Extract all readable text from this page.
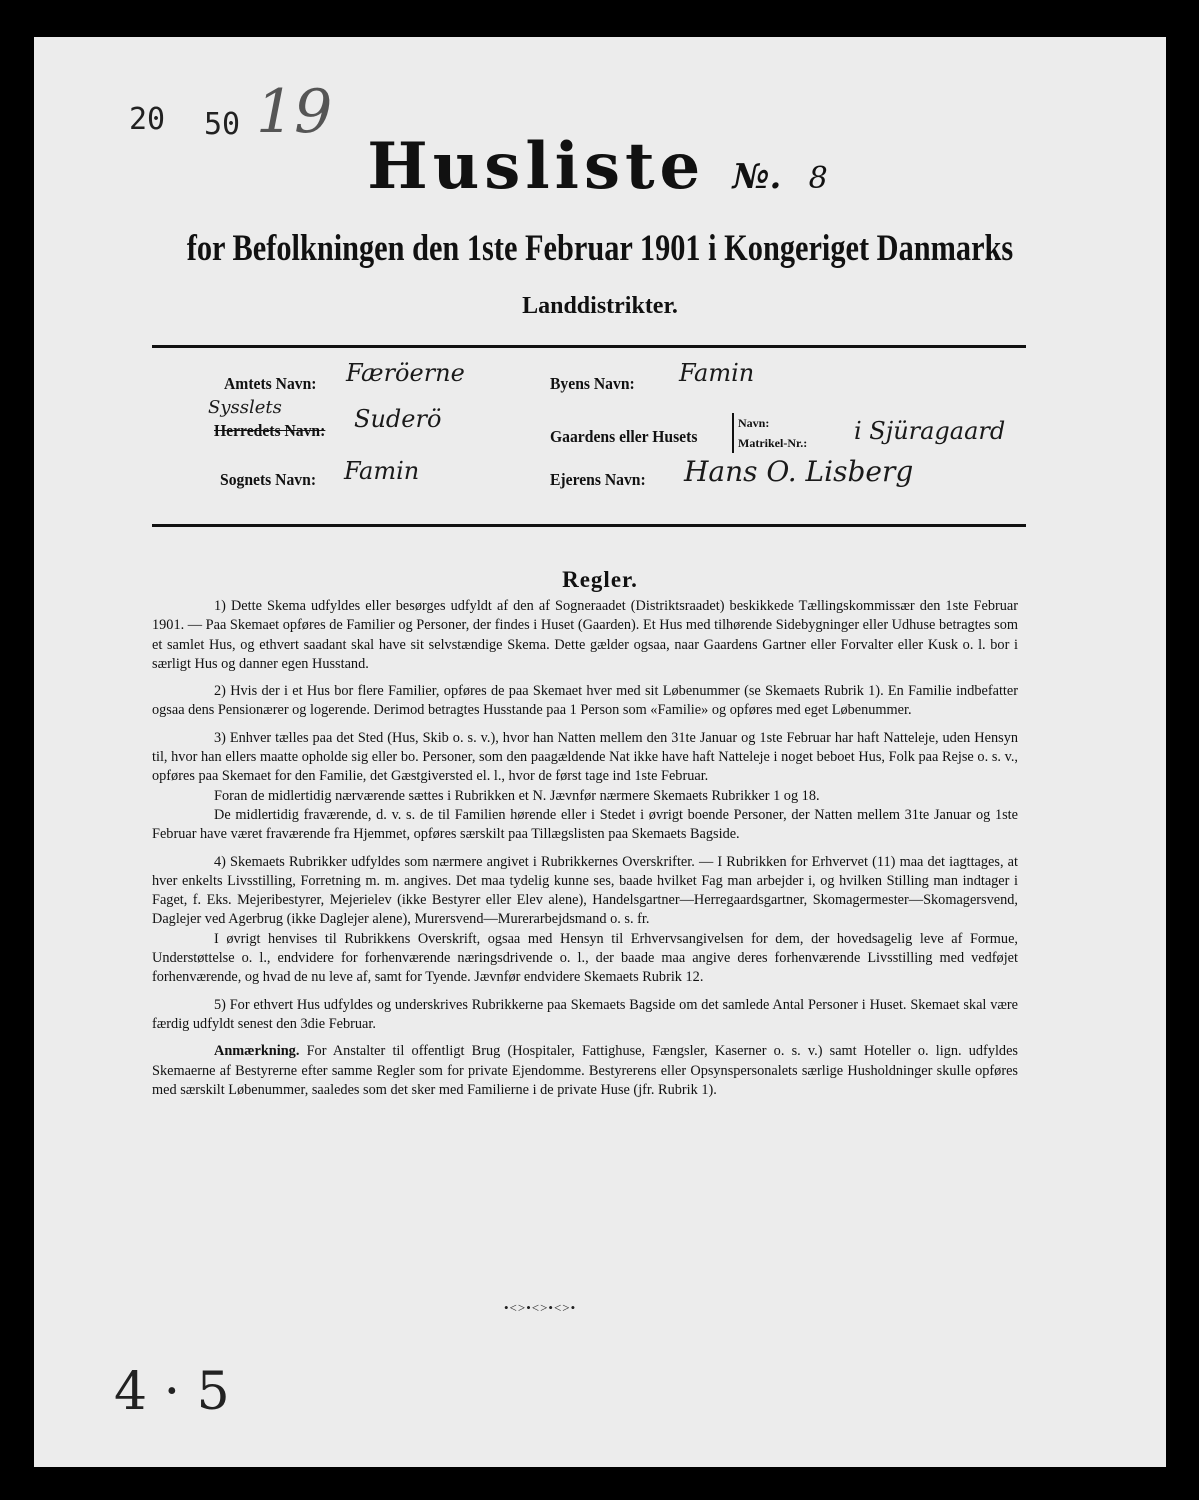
20 50 19
Husliste №. 8
for Befolkningen den 1ste Februar 1901 i Kongeriget Danmarks
Landdistrikter.
Amtets Navn: Færöerne
Sysslets
Herredets Navn: Suderö
Sognets Navn: Famin
Byens Navn: Famin
Gaardens eller Husets
Navn:
Matrikel-Nr.: i Sjüragaard
Ejerens Navn: Hans O. Lisberg
Regler.

1) Dette Skema udfyldes eller besørges udfyldt af den af Sogneraadet (Distriktsraadet) beskikkede Tællingskommissær den 1ste Februar 1901. — Paa Skemaet opføres de Familier og Personer, der findes i Huset (Gaarden). Et Hus med tilhørende Sidebygninger eller Udhuse betragtes som et samlet Hus, og ethvert saadant skal have sit selvstændige Skema. Dette gælder ogsaa, naar Gaardens Gartner eller Forvalter eller Kusk o. l. bor i særligt Hus og danner egen Husstand.

2) Hvis der i et Hus bor flere Familier, opføres de paa Skemaet hver med sit Løbenummer (se Skemaets Rubrik 1). En Familie indbefatter ogsaa dens Pensionærer og logerende. Derimod betragtes Husstande paa 1 Person som «Familie» og opføres med eget Løbenummer.

3) Enhver tælles paa det Sted (Hus, Skib o. s. v.), hvor han Natten mellem den 31te Januar og 1ste Februar har haft Natteleje, uden Hensyn til, hvor han ellers maatte opholde sig eller bo. Personer, som den paagældende Nat ikke have haft Natteleje i noget beboet Hus, Folk paa Rejse o. s. v., opføres paa Skemaet for den Familie, det Gæstgiversted el. l., hvor de først tage ind 1ste Februar.

Foran de midlertidig nærværende sættes i Rubrikken et N. Jævnfør nærmere Skemaets Rubrikker 1 og 18.

De midlertidig fraværende, d. v. s. de til Familien hørende eller i Stedet i øvrigt boende Personer, der Natten mellem 31te Januar og 1ste Februar have været fraværende fra Hjemmet, opføres særskilt paa Tillægslisten paa Skemaets Bagside.

4) Skemaets Rubrikker udfyldes som nærmere angivet i Rubrikkernes Overskrifter. — I Rubrikken for Erhvervet (11) maa det iagttages, at hver enkelts Livsstilling, Forretning m. m. angives. Det maa tydelig kunne ses, baade hvilket Fag man arbejder i, og hvilken Stilling man indtager i Faget, f. Eks. Mejeribestyrer, Mejerielev (ikke Bestyrer eller Elev alene), Handelsgartner—Herregaardsgartner, Skomagermester—Skomagersvend, Daglejer ved Agerbrug (ikke Daglejer alene), Murersvend—Murerarbejdsmand o. s. fr.

I øvrigt henvises til Rubrikkens Overskrift, ogsaa med Hensyn til Erhvervsangivelsen for dem, der hovedsagelig leve af Formue, Understøttelse o. l., endvidere for forhenværende næringsdrivende o. l., der baade maa angive deres forhenværende Livsstilling med vedføjet forhenværende, og hvad de nu leve af, samt for Tyende. Jævnfør endvidere Skemaets Rubrik 12.

5) For ethvert Hus udfyldes og underskrives Rubrikkerne paa Skemaets Bagside om det samlede Antal Personer i Huset. Skemaet skal være færdig udfyldt senest den 3die Februar.

Anmærkning. For Anstalter til offentligt Brug (Hospitaler, Fattighuse, Fængsler, Kaserner o. s. v.) samt Hoteller o. lign. udfyldes Skemaerne af Bestyrerne efter samme Regler som for private Ejendomme. Bestyrerens eller Opsynspersonalets særlige Husholdninger skulle opføres med særskilt Løbenummer, saaledes som det sker med Familierne i de private Huse (jfr. Rubrik 1).

•<>•<>•<>•
4 · 5
